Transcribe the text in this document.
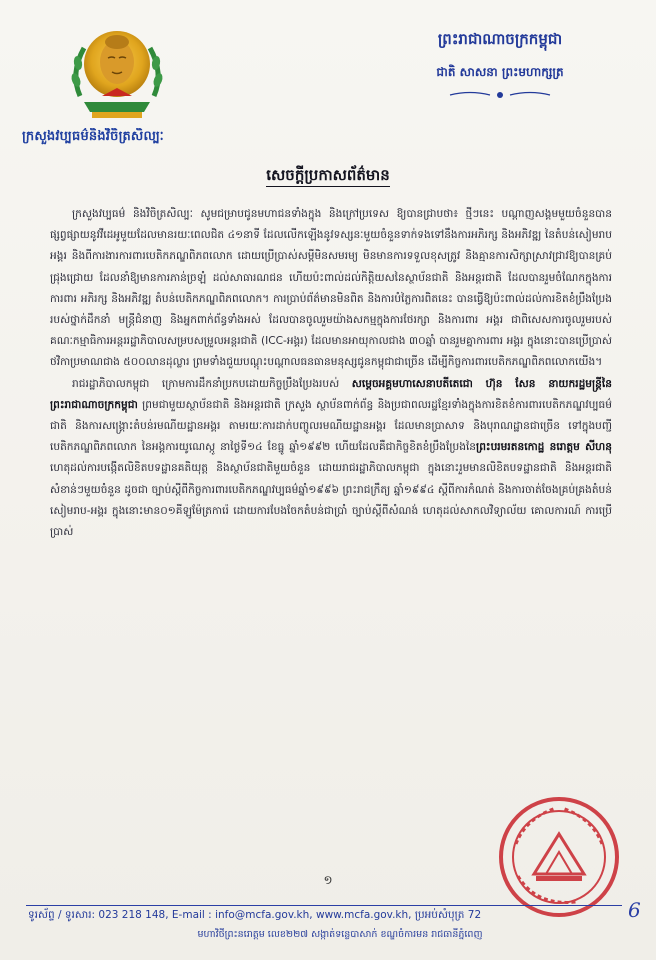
ក្រសួងវប្បធម៌និងវិចិត្រសិល្បៈ
ព្រះរាជាណាចក្រកម្ពុជា
ជាតិ សាសនា ព្រះមហាក្សត្រ
សេចក្តីប្រកាសព័ត៌មាន

ក្រសួងវប្បធម៌ និងវិចិត្រសិល្បៈ សូមជម្រាបជូនមហាជនទាំងក្នុង និងក្រៅប្រទេស ឱ្យបានជ្រាបថា៖ ថ្មីៗនេះ បណ្តាញសង្គមមួយចំនួនបានផ្សព្វផ្សាយនូវវីដេអូមួយដែលមានរយៈពេលជិត ៤១នាទី ដែលលើកឡើងនូវទស្សនៈមួយចំនួនទាក់ទងទៅនឹងការអភិរក្ស និងអភិវឌ្ឍ នៃតំបន់សៀមរាប អង្គរ និងពីការងារការពារបេតិកភណ្ឌពិភពលោក ដោយប្រើប្រាស់សម្តីមិនសមរម្យ មិនមានការទទួលខុសត្រូវ និងគ្មានការសិក្សាស្រាវជ្រាវឱ្យបានគ្រប់ជ្រុងជ្រោយ ដែលនាំឱ្យមានការភាន់ច្រឡំ ដល់សាធារណជន ហើយប៉ះពាល់ដល់កិត្តិយសនៃស្ថាប័នជាតិ និងអន្តរជាតិ ដែលបានរួមចំណែកក្នុងការការពារ អភិរក្ស និងអភិវឌ្ឍ តំបន់បេតិកភណ្ឌពិភពលោក។ ការប្រាប់ព័ត៌មានមិនពិត និងការបំភ្លៃការពិតនេះ បានធ្វើឱ្យប៉ះពាល់ដល់ការខិតខំប្រឹងប្រែងរបស់ថ្នាក់ដឹកនាំ មន្ត្រីជំនាញ និងអ្នកពាក់ព័ន្ធទាំងអស់ ដែលបានចូលរួមយ៉ាងសកម្មក្នុងការថែរក្សា និងការពារ អង្គរ ជាពិសេសការចូលរួមរបស់គណៈកម្មាធិការអន្តររដ្ឋាភិបាលសម្របសម្រួលអន្តរជាតិ (ICC-អង្គរ) ដែលមានអាយុកាលជាង ៣០ឆ្នាំ បានរួមគ្នាការពារ អង្គរ ក្នុងនោះបានប្រើប្រាស់ថវិកាប្រមាណជាង ៥០០លានដុល្លារ ព្រមទាំងជួយបណ្តុះបណ្តាលធនធានមនុស្សជូនកម្ពុជាជាច្រើន ដើម្បីកិច្ចការពារបេតិកភណ្ឌពិភពលោកយើង។

រាជរដ្ឋាភិបាលកម្ពុជា ក្រោមការដឹកនាំប្រកបដោយកិច្ចប្រឹងប្រែងរបស់ សម្តេចអគ្គមហាសេនាបតីតេជោ ហ៊ុន សែន នាយករដ្ឋមន្ត្រីនៃព្រះរាជាណាចក្រកម្ពុជា ព្រមជាមួយស្ថាប័នជាតិ និងអន្តរជាតិ ក្រសួង ស្ថាប័នពាក់ព័ន្ធ និងប្រជាពលរដ្ឋខ្មែរទាំងក្នុងការខិតខំការពារបេតិកភណ្ឌវប្បធម៌ជាតិ និងការសង្គ្រោះតំបន់រមណីយដ្ឋានអង្គរ តាមរយៈការដាក់បញ្ចូលរមណីយដ្ឋានអង្គរ ដែលមានប្រាសាទ និងបុរាណដ្ឋានជាច្រើន ទៅក្នុងបញ្ជីបេតិកភណ្ឌពិភពលោក នៃអង្គការយូណេស្កូ នាថ្ងៃទី១៤ ខែធ្នូ ឆ្នាំ១៩៩២ ហើយដែលគឺជាកិច្ចខិតខំប្រឹងប្រែងនៃព្រះបរមរតនកោដ្ឋ នរោត្តម សីហនុ ហេតុដល់ការបង្កើតលិខិតបទដ្ឋានគតិយុត្ត និងស្ថាប័នជាតិមួយចំនួន ដោយរាជរដ្ឋាភិបាលកម្ពុជា ក្នុងនោះរួមមានលិខិតបទដ្ឋានជាតិ និងអន្តរជាតិសំខាន់ៗមួយចំនួន ដូចជា ច្បាប់ស្តីពីកិច្ចការពារបេតិកភណ្ឌវប្បធម៌ឆ្នាំ១៩៩៦ ព្រះរាជក្រឹត្យ ឆ្នាំ១៩៩៤ ស្តីពីការកំណត់ និងការចាត់ចែងគ្រប់គ្រងតំបន់សៀមរាប-អង្គរ ក្នុងនោះមាន០១គីឡូម៉ែត្រការ៉េ ដោយការបែងចែកតំបន់ជាប្រាំ ច្បាប់ស្តីពីសំណង់ ហេតុដល់សាកលវិទ្យាល័យ គោលការណ៍ ការប្រើប្រាស់

១
ទូរស័ព្ទ / ទូរសារ: 023 218 148, E-mail : info@mcfa.gov.kh, www.mcfa.gov.kh, ប្រអប់សំបុត្រ 72
មហាវិថីព្រះនរោត្តម លេខ២២៧ សង្កាត់ទន្លេបាសាក់ ខណ្ឌចំការមន រាជធានីភ្នំពេញ
6
